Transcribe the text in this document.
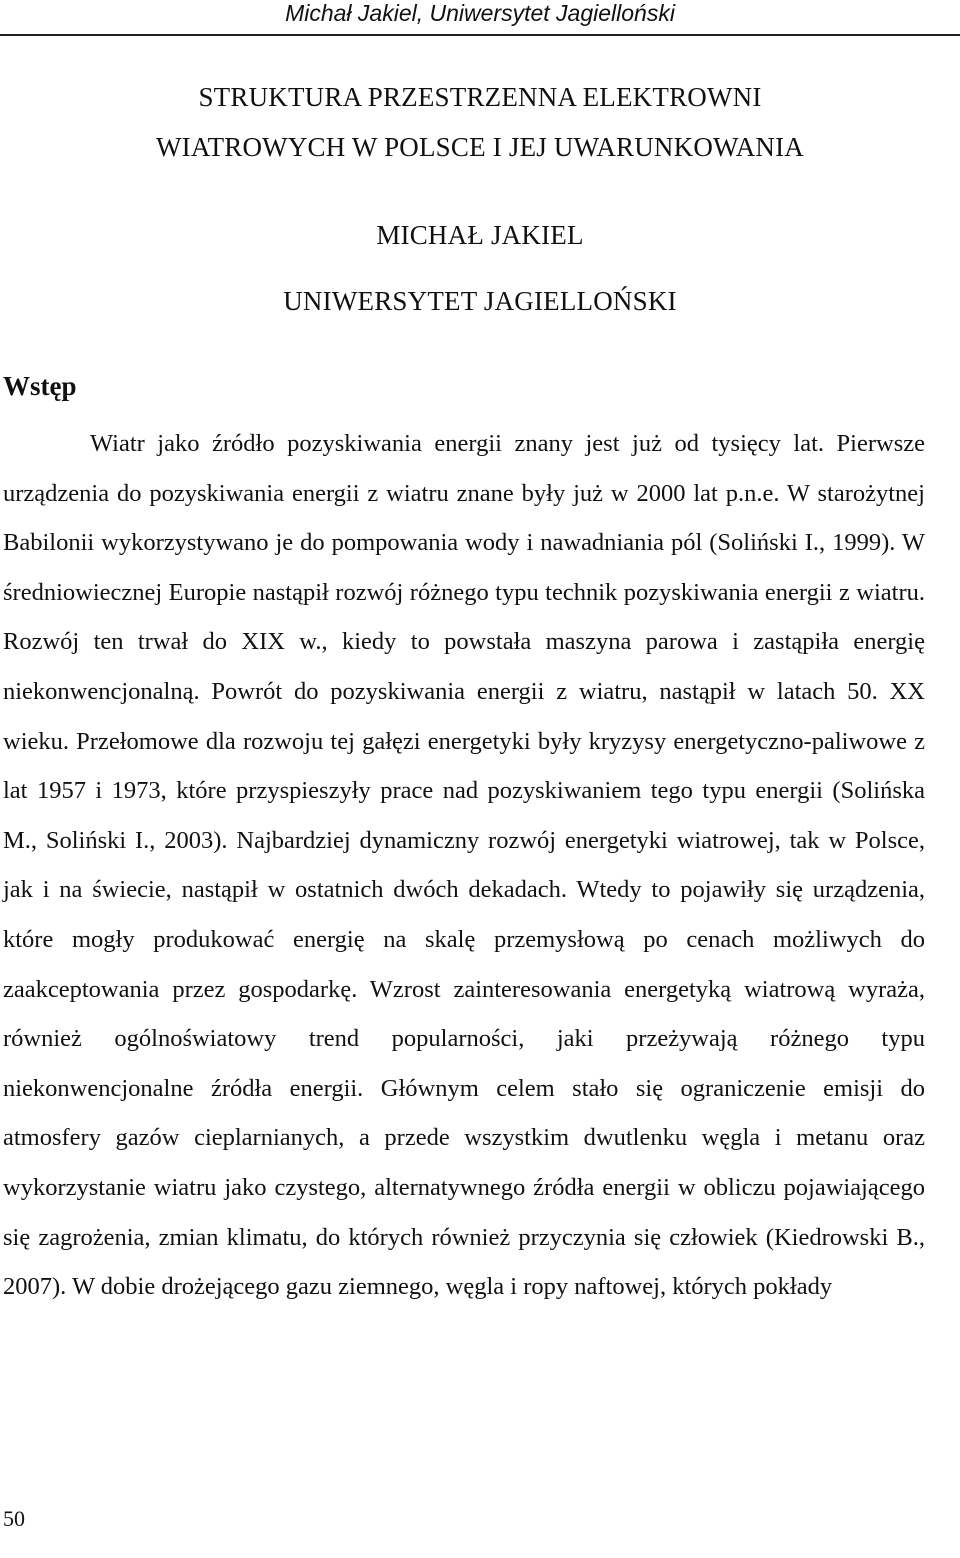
Michał Jakiel, Uniwersytet Jagielloński
STRUKTURA PRZESTRZENNA ELEKTROWNI
WIATROWYCH W POLSCE I JEJ UWARUNKOWANIA
MICHAŁ JAKIEL
UNIWERSYTET JAGIELLOŃSKI
Wstęp

Wiatr jako źródło pozyskiwania energii znany jest już od tysięcy lat. Pierwsze urządzenia do pozyskiwania energii z wiatru znane były już w 2000 lat p.n.e. W starożytnej Babilonii wykorzystywano je do pompowania wody i nawadniania pól (Soliński I., 1999). W średniowiecznej Europie nastąpił rozwój różnego typu technik pozyskiwania energii z wiatru. Rozwój ten trwał do XIX w., kiedy to powstała maszyna parowa i zastąpiła energię niekonwencjonalną. Powrót do pozyskiwania energii z wiatru, nastąpił w latach 50. XX wieku. Przełomowe dla rozwoju tej gałęzi energetyki były kryzysy energetyczno-paliwowe z lat 1957 i 1973, które przyspieszyły prace nad pozyskiwaniem tego typu energii (Solińska M., Soliński I., 2003). Najbardziej dynamiczny rozwój energetyki wiatrowej, tak w Polsce, jak i na świecie, nastąpił w ostatnich dwóch dekadach. Wtedy to pojawiły się urządzenia, które mogły produkować energię na skalę przemysłową po cenach możliwych do zaakceptowania przez gospodarkę. Wzrost zainteresowania energetyką wiatrową wyraża, również ogólnoświatowy trend popularności, jaki przeżywają różnego typu niekonwencjonalne źródła energii. Głównym celem stało się ograniczenie emisji do atmosfery gazów cieplarnianych, a przede wszystkim dwutlenku węgla i metanu oraz wykorzystanie wiatru jako czystego, alternatywnego źródła energii w obliczu pojawiającego się zagrożenia, zmian klimatu, do których również przyczynia się człowiek (Kiedrowski B., 2007). W dobie drożejącego gazu ziemnego, węgla i ropy naftowej, których pokłady

50
